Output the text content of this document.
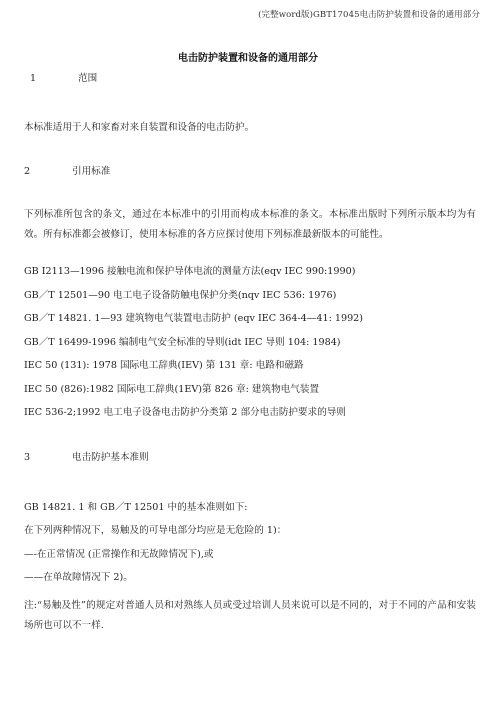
(完整word版)GBT17045电击防护装置和设备的通用部分
电击防护装置和设备的通用部分
1	范围
本标准适用于人和家畜对来自装置和设备的电击防护。
2	引用标准
下列标准所包含的条文，通过在本标准中的引用而构成本标准的条文。本标准出版时下列所示版本均为有效。所有标准都会被修订，使用本标准的各方应探讨使用下列标准最新版本的可能性。
GB I2113—1996 接触电流和保护导体电流的测量方法(eqv IEC 990:1990)
GB／T 12501—90 电工电子设备防触电保护分类(nqv IEC 536: 1976)
GB／T 14821. 1—93 建筑物电气装置电击防护 (eqv IEC 364-4—41: 1992)
GB／T 16499-1996 编制电气安全标准的导则(idt IEC 导则 104: 1984)
IEC 50 (131): 1978 国际电工辞典(IEV) 第 131 章: 电路和磁路
IEC 50 (826):1982 国际电工辞典(1EV)第 826 章: 建筑物电气装置
IEC 536-2;1992 电工电子设备电击防护分类第 2 部分电击防护要求的导则
3	电击防护基本准则
GB 14821. 1 和 GB／T 12501 中的基本准则如下:
在下列两种情况下，易触及的可导电部分均应是无危险的 1)：
—-在正常情况 (正常操作和无故障情况下),或
——在单故障情况下 2)。
注:“易触及性”的规定对普通人员和对熟练人员或受过培训人员来说可以是不同的，对于不同的产品和安装场所也可以不一样.
